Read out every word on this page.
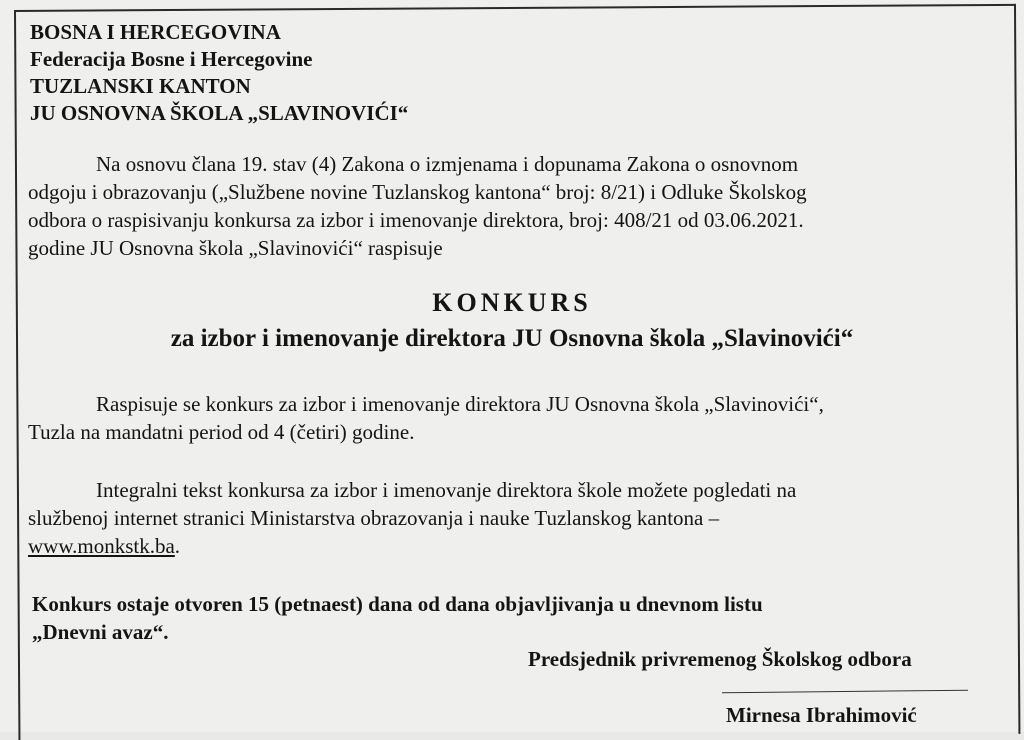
BOSNA I HERCEGOVINA
Federacija Bosne i Hercegovine
TUZLANSKI KANTON
JU OSNOVNA ŠKOLA „SLAVINOVIĆI“
Na osnovu člana 19. stav (4) Zakona o izmjenama i dopunama Zakona o osnovnom
odgoju i obrazovanju („Službene novine Tuzlanskog kantona“ broj: 8/21) i Odluke Školskog
odbora o raspisivanju konkursa za izbor i imenovanje direktora, broj: 408/21 od 03.06.2021.
godine JU Osnovna škola „Slavinovići“ raspisuje
KONKURS
za izbor i imenovanje direktora JU Osnovna škola „Slavinovići“
Raspisuje se konkurs za izbor i imenovanje direktora JU Osnovna škola „Slavinovići“,
Tuzla na mandatni period od 4 (četiri) godine.
Integralni tekst konkursa za izbor i imenovanje direktora škole možete pogledati na
službenoj internet stranici Ministarstva obrazovanja i nauke Tuzlanskog kantona –
www.monkstk.ba.
Konkurs ostaje otvoren 15 (petnaest) dana od dana objavljivanja u dnevnom listu
„Dnevni avaz“.
Predsjednik privremenog Školskog odbora
Mirnesa Ibrahimović
